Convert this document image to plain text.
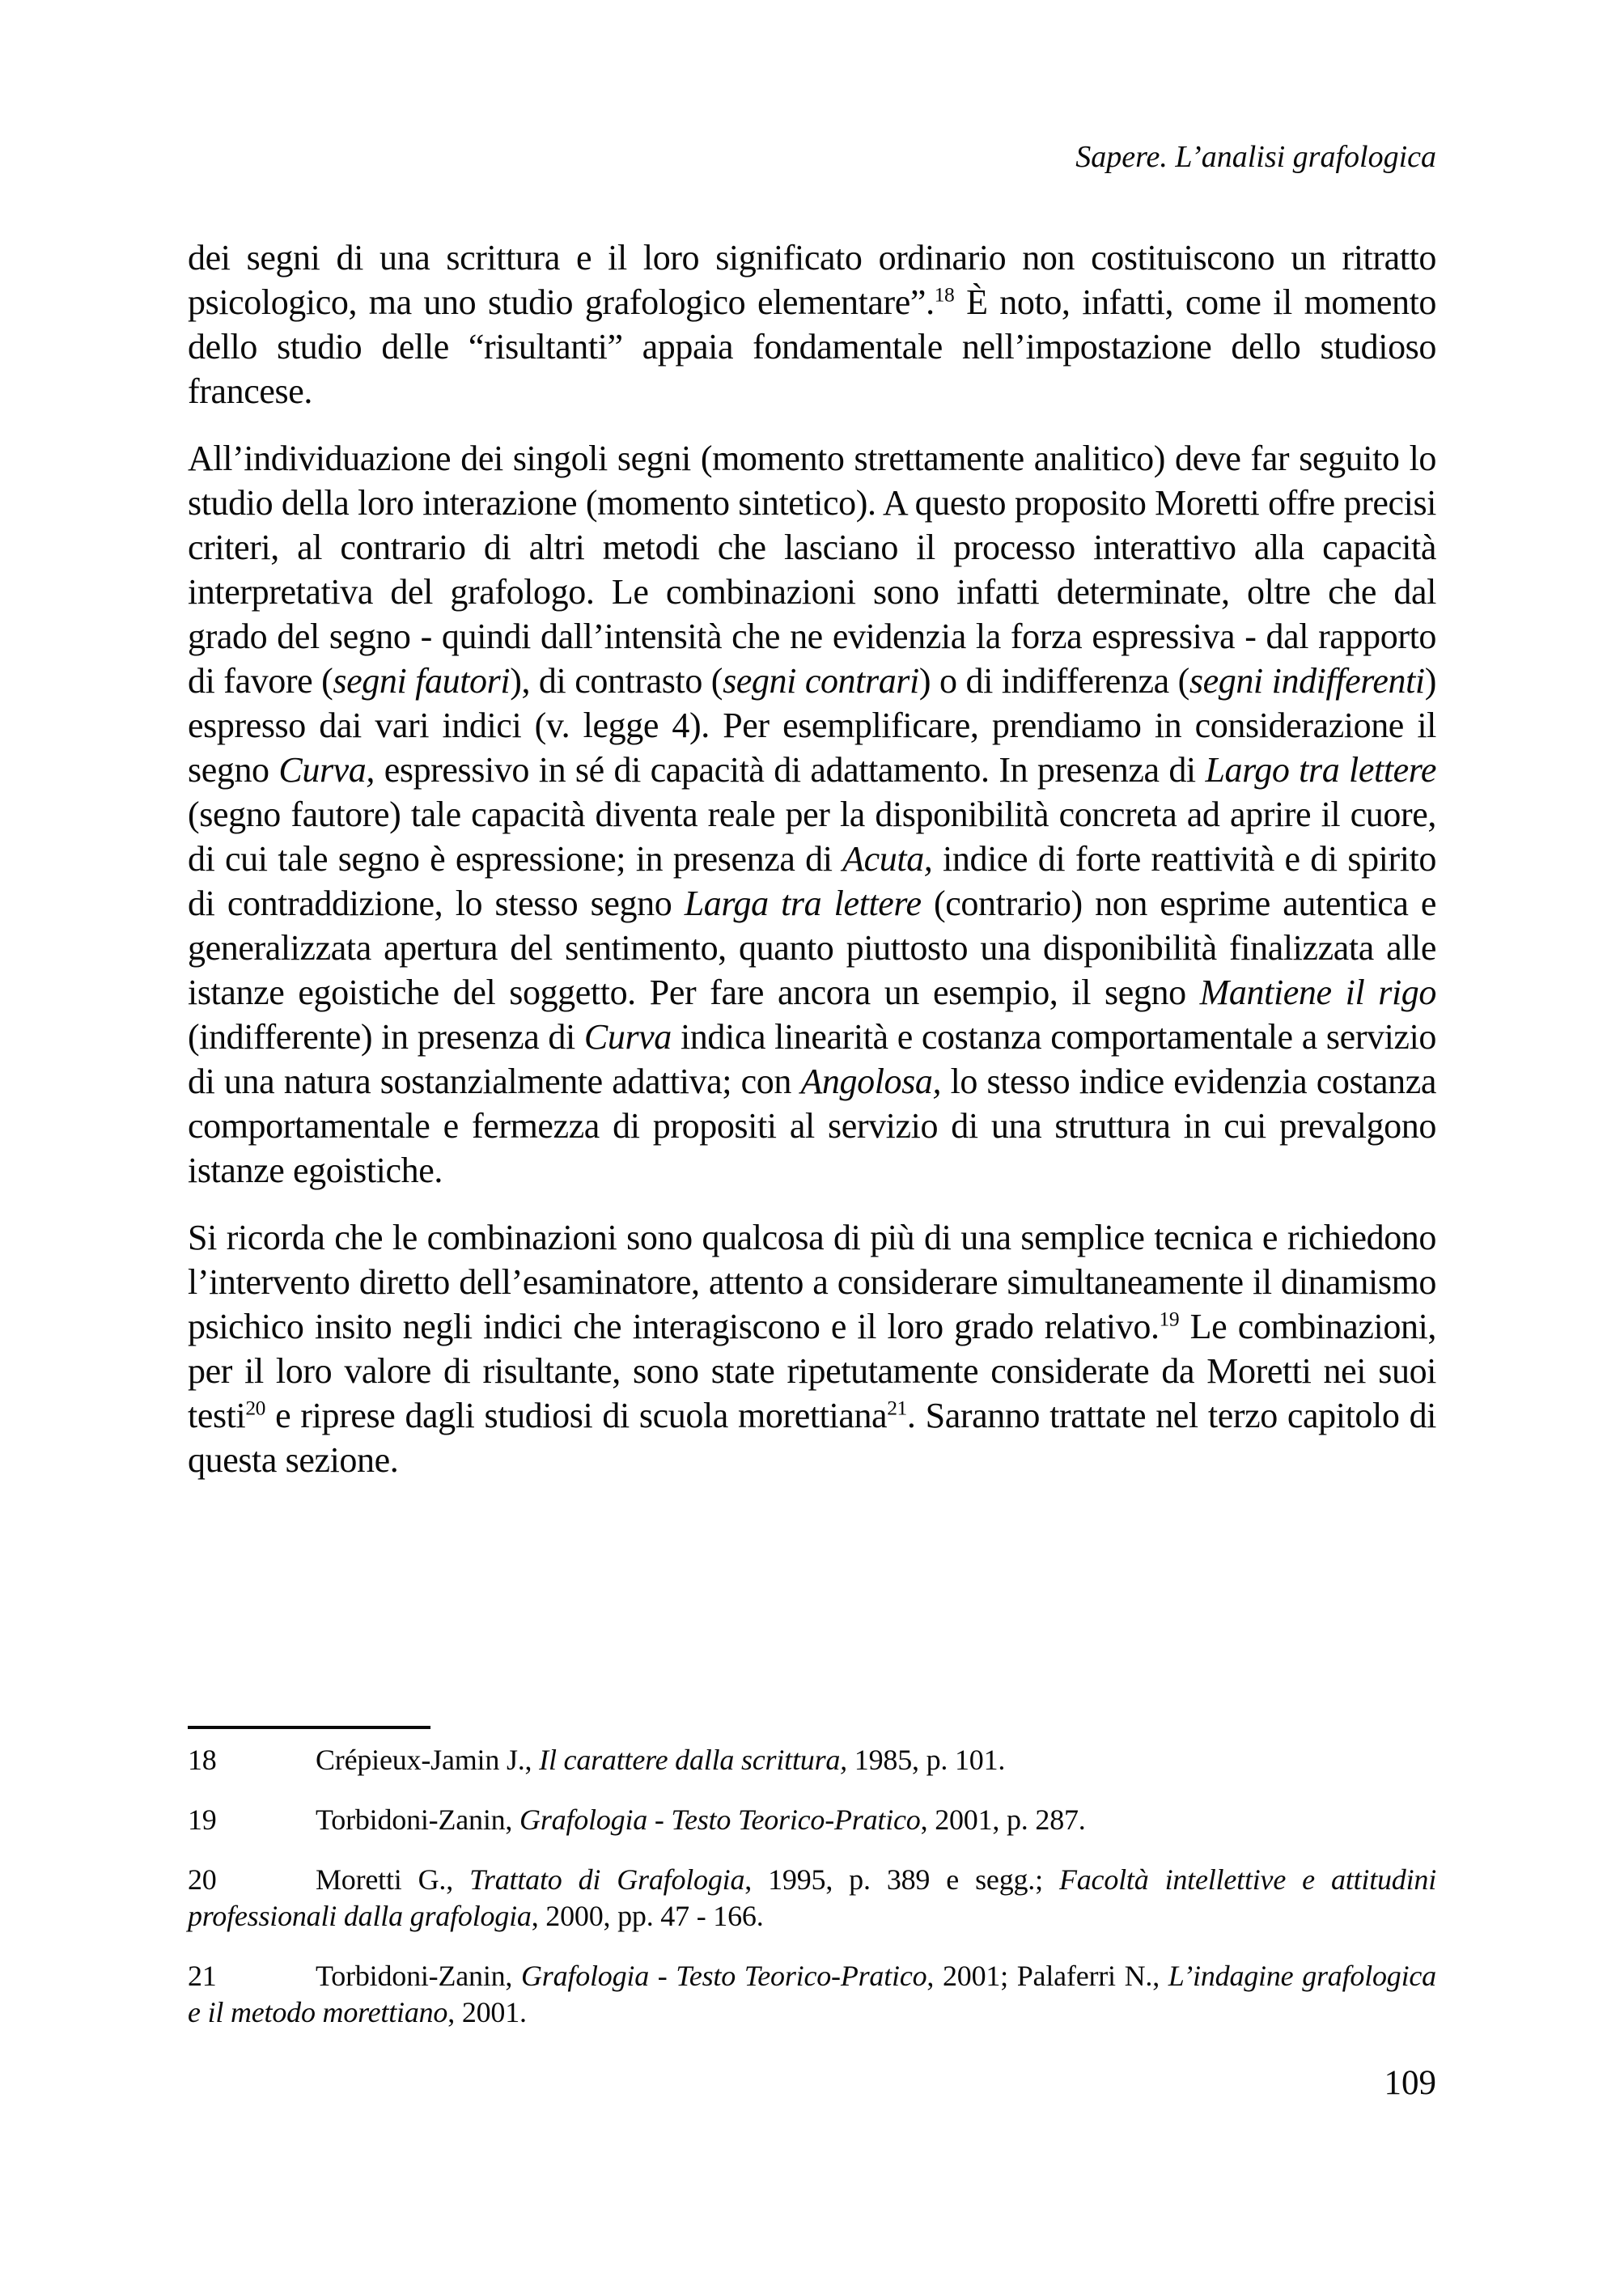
Sapere. L’analisi grafologica

dei segni di una scrittura e il loro significato ordinario non costituiscono un ritratto psicologico, ma uno studio grafologico elementare”.$^{18}$ È noto, infatti, come il momento dello studio delle “risultanti” appaia fondamentale nell’impostazione dello studioso francese.

All’individuazione dei singoli segni (momento strettamente analitico) deve far seguito lo studio della loro interazione (momento sintetico). A questo proposito Moretti offre precisi criteri, al contrario di altri metodi che lasciano il processo interattivo alla capacità interpretativa del grafologo. Le combinazioni sono infatti determinate, oltre che dal grado del segno - quindi dall’intensità che ne evidenzia la forza espressiva - dal rapporto di favore (segni fautori), di contrasto (segni contrari) o di indifferenza (segni indifferenti) espresso dai vari indici (v. legge 4). Per esemplificare, prendiamo in considerazione il segno Curva, espressivo in sé di capacità di adattamento. In presenza di Largo tra lettere (segno fautore) tale capacità diventa reale per la disponibilità concreta ad aprire il cuore, di cui tale segno è espressione; in presenza di Acuta, indice di forte reattività e di spirito di contraddizione, lo stesso segno Larga tra lettere (contrario) non esprime autentica e generalizzata apertura del sentimento, quanto piuttosto una disponibilità finalizzata alle istanze egoistiche del soggetto. Per fare ancora un esempio, il segno Mantiene il rigo (indifferente) in presenza di Curva indica linearità e costanza comportamentale a servizio di una natura sostanzialmente adattiva; con Angolosa, lo stesso indice evidenzia costanza comportamentale e fermezza di propositi al servizio di una struttura in cui prevalgono istanze egoistiche.

Si ricorda che le combinazioni sono qualcosa di più di una semplice tecnica e richiedono l’intervento diretto dell’esaminatore, attento a considerare simultaneamente il dinamismo psichico insito negli indici che interagiscono e il loro grado relativo.$^{19}$ Le combinazioni, per il loro valore di risultante, sono state ripetutamente considerate da Moretti nei suoi testi$^{20}$ e riprese dagli studiosi di scuola morettiana$^{21}$. Saranno trattate nel terzo capitolo di questa sezione.

18	Crépieux-Jamin J., Il carattere dalla scrittura, 1985, p. 101.
19	Torbidoni-Zanin, Grafologia - Testo Teorico-Pratico, 2001, p. 287.
20	Moretti G., Trattato di Grafologia, 1995, p. 389 e segg.; Facoltà intellettive e attitudini professionali dalla grafologia, 2000, pp. 47 - 166.
21	Torbidoni-Zanin, Grafologia - Testo Teorico-Pratico, 2001; Palaferri N., L’indagine grafologica e il metodo morettiano, 2001.
109
